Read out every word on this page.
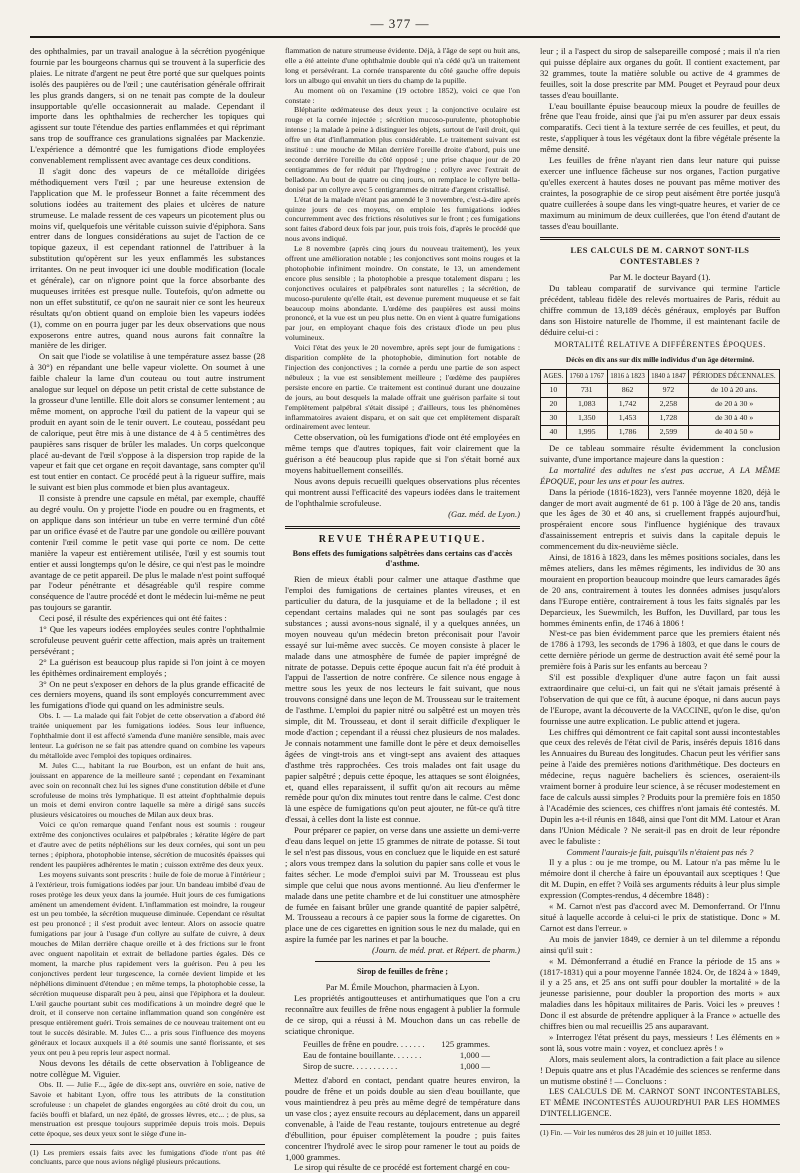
— 377 —

des ophthalmies, par un travail analogue à la sécrétion pyogénique fournie par les bourgeons charnus qui se trouvent à la superficie des plaies. Le nitrate d'argent ne peut être porté que sur quelques points isolés des paupières ou de l'œil ; une cautérisation générale offrirait les plus grands dangers, si on ne tenait pas compte de la douleur insupportable qu'elle occasionnerait au malade. Cependant il importe dans les ophthalmies de rechercher les topiques qui agissent sur toute l'étendue des parties enflammées et qui réprimant sans trop de souffrance ces granulations signalées par Mackenzie. L'expérience a démontré que les fumigations d'iode employées convenablement remplissent avec avantage ces deux conditions.

Il s'agit donc des vapeurs de ce métalloïde dirigées méthodiquement vers l'œil ; par une heureuse extension de l'application que M. le professeur Bonnet a faite récemment des solutions iodées au traitement des plaies et ulcères de nature strumeuse. Le malade ressent de ces vapeurs un picotement plus ou moins vif, quelquefois une véritable cuisson suivie d'épiphora. Sans entrer dans de longues considérations au sujet de l'action de ce topique gazeux, il est cependant rationnel de l'attribuer à la substitution qu'opèrent sur les yeux enflammés les substances irritantes. On ne peut invoquer ici une double modification (locale et générale), car on n'ignore point que la force absorbante des muqueuses irritées est presque nulle. Toutefois, qu'on admette ou non un effet substitutif, ce qu'on ne saurait nier ce sont les heureux résultats qu'on obtient quand on emploie bien les vapeurs iodées (1), comme on en pourra juger par les deux observations que nous exposerons entre autres, quand nous aurons fait connaître la manière de les diriger.

On sait que l'iode se volatilise à une température assez basse (28 à 30°) en répandant une belle vapeur violette. On soumet à une faible chaleur la lame d'un couteau ou tout autre instrument analogue sur lequel on dépose un petit cristal de cette substance de la grosseur d'une lentille. Elle doit alors se consumer lentement ; au même moment, on approche l'œil du patient de la vapeur qui se produit en ayant soin de le tenir ouvert. Le couteau, possédant peu de calorique, peut être mis à une distance de 4 à 5 centimètres des paupières sans risquer de brûler les malades. Un corps quelconque placé au-devant de l'œil s'oppose à la dispersion trop rapide de la vapeur et fait que cet organe en reçoit davantage, sans compter qu'il est tout entier en contact. Ce procédé peut à la rigueur suffire, mais le suivant est bien plus commode et bien plus avantageux.

Il consiste à prendre une capsule en métal, par exemple, chauffé au degré voulu. On y projette l'iode en poudre ou en fragments, et on applique dans son intérieur un tube en verre terminé d'un côté par un orifice évasé et de l'autre par une gondole ou œillère pouvant contenir l'œil comme le petit vase qui porte ce nom. De cette manière la vapeur est entièrement utilisée, l'œil y est soumis tout entier et aussi longtemps qu'on le désire, ce qui n'est pas le moindre avantage de ce petit appareil. De plus le malade n'est point suffoqué par l'odeur pénétrante et désagréable qu'il respire comme conséquence de l'autre procédé et dont le médecin lui-même ne peut pas toujours se garantir.

Ceci posé, il résulte des expériences qui ont été faites :

1° Que les vapeurs iodées employées seules contre l'ophthalmie scrofuleuse peuvent guérir cette affection, mais après un traitement persévérant ;

2° La guérison est beaucoup plus rapide si l'on joint à ce moyen les épithèmes ordinairement employés ;

3° On ne peut s'exposer en dehors de la plus grande efficacité de ces derniers moyens, quand ils sont employés concurremment avec les fumigations d'iode qui quand on les administre seuls.

Obs. I. — La malade qui fait l'objet de cette observation a d'abord été traitée uniquement par les fumigations iodées. Sous leur influence, l'ophthalmie dont il est affecté s'amenda d'une manière sensible, mais avec lenteur. La guérison ne se fait pas attendre quand on combine les vapeurs du métalloïde avec l'emploi des topiques ordinaires.

M. Jules C..., habitant la rue Bourbon, est un enfant de huit ans, jouissant en apparence de la meilleure santé ; cependant en l'examinant avec soin on reconnaît chez lui les signes d'une constitution débile et d'une scrofuleuse de moins très lymphatique. Il est atteint d'ophthalmie depuis un mois et demi environ contre laquelle sa mère a dirigé sans succès plusieurs vésicatoires ou mouches de Milan aux deux bras.

Voici ce qu'on remarque quand l'enfant nous est soumis : rougeur extrême des conjonctives oculaires et palpébrales ; kératite légère de part et d'autre avec de petits néphélions sur les deux cornées, qui sont un peu ternes ; épiphora, photophobie intense, sécrétion de mucosités épaisses qui rendent les paupières adhérentes le matin ; cuisson extrême des deux yeux.

Les moyens suivants sont prescrits : huile de foie de morue à l'intérieur ; à l'extérieur, trois fumigations iodées par jour. Un bandeau imbibé d'eau de roses protège les deux yeux dans la journée. Huit jours de ces fumigations amènent un amendement évident. L'inflammation est moindre, la rougeur est un peu tombée, la sécrétion muqueuse diminuée. Cependant ce résultat est peu prononcé ; il s'est produit avec lenteur. Alors on associe quatre fumigations par jour à l'usage d'un collyre au sulfate de cuivre, à deux mouches de Milan derrière chaque oreille et à des frictions sur le front avec onguent napolitain et extrait de belladone parties égales. Dès ce moment, la marche plus rapidement vers la guérison. Peu à peu les conjonctives perdent leur turgescence, la cornée devient limpide et les néphélions diminuent d'étendue ; en même temps, la photophobie cesse, la sécrétion muqueuse disparaît peu à peu, ainsi que l'épiphora et la douleur. L'œil gauche pourtant subit ces modifications à un moindre degré que le droit, et il conserve non certaine inflammation quand son congénère est presque entièrement guéri. Trois semaines de ce nouveau traitement ont eu tout le succès désirable. M. Jules C... a pris sous l'influence des moyens généraux et locaux auxquels il a été soumis une santé florissante, et ses yeux ont peu à peu repris leur aspect normal.

Nous devons les détails de cette observation à l'obligeance de notre collègue M. Viguier.

Obs. II. — Julie F..., âgée de dix-sept ans, ouvrière en soie, native de Savoie et habitant Lyon, offre tous les attributs de la constitution scrofuleuse : un chapelet de glandes engorgées au côté droit du cou, un faciès bouffi et blafard, un nez épâté, de grosses lèvres, etc... ; de plus, sa menstruation est presque toujours supprimée depuis trois mois. Depuis cette époque, ses deux yeux sont le siège d'une in-

(1) Les premiers essais faits avec les fumigations d'iode n'ont pas été concluants, parce que nous avions négligé plusieurs précautions.

flammation de nature strumeuse évidente. Déjà, à l'âge de sept ou huit ans, elle a été atteinte d'une ophthalmie double qui n'a cédé qu'à un traitement long et persévérant. La cornée transparente du côté gauche offre depuis lors un albugo qui envahit un tiers du champ de la pupille.

Au moment où on l'examine (19 octobre 1852), voici ce que l'on constate :

Blépharite œdémateuse des deux yeux ; la conjonctive oculaire est rouge et la cornée injectée ; sécrétion mucoso-purulente, photophobie intense ; la malade à peine à distinguer les objets, surtout de l'œil droit, qui offre un état d'inflammation plus considérable. Le traitement suivant est institué : une mouche de Milan derrière l'oreille droite d'abord, puis une seconde derrière l'oreille du côté opposé ; une prise chaque jour de 20 centigrammes de fer réduit par l'hydrogène ; collyre avec l'extrait de belladone. Au bout de quatre ou cinq jours, on remplace le collyre bella-donisé par un collyre avec 5 centigrammes de nitrate d'argent cristallisé.

L'état de la malade n'étant pas amendé le 3 novembre, c'est-à-dire après quinze jours de ces moyens, on emploie les fumigations iodées concurremment avec des frictions résolutives sur le front ; ces fumigations sont faites d'abord deux fois par jour, puis trois fois, d'après le procédé que nous avons indiqué.

Le 8 novembre (après cinq jours du nouveau traitement), les yeux offrent une amélioration notable ; les conjonctives sont moins rouges et la photophobie infiniment moindre. On constate, le 13, un amendement encore plus sensible ; la photophobie a presque totalement disparu ; les conjonctives oculaires et palpébrales sont naturelles ; la sécrétion, de mucoso-purulente qu'elle était, est devenue purement muqueuse et se fait beaucoup moins abondante. L'œdème des paupières est aussi moins prononcé, et la vue est un peu plus nette. On en vient à quatre fumigations par jour, en employant chaque fois des cristaux d'iode un peu plus volumineux.

Voici l'état des yeux le 20 novembre, après sept jour de fumigations : disparition complète de la photophobie, diminution fort notable de l'injection des conjonctives ; la cornée a perdu une partie de son aspect nébuleux ; la vue est sensiblement meilleure ; l'œdème des paupières persiste encore en partie. Ce traitement est continué durant une douzaine de jours, au bout desquels la malade offrait une guérison parfaite si tout l'emplètement palpébral s'était dissipé ; d'ailleurs, tous les phénomènes inflammatoires avaient disparu, et on sait que cet emplètement disparaît ordinairement avec lenteur.

Cette observation, où les fumigations d'iode ont été employées en même temps que d'autres topiques, fait voir clairement que la guérison a été beaucoup plus rapide que si l'on s'était borné aux moyens habituellement conseillés.

Nous avons depuis recueilli quelques observations plus récentes qui montrent aussi l'efficacité des vapeurs iodées dans le traitement de l'ophthalmie scrofuleuse.

(Gaz. méd. de Lyon.)

REVUE THÉRAPEUTIQUE.
Bons effets des fumigations salpêtrées dans certains cas d'accès d'asthme.

Rien de mieux établi pour calmer une attaque d'asthme que l'emploi des fumigations de certaines plantes vireuses, et en particulier du datura, de la jusquiame et de la belladone ; il est cependant certains malades qui ne sont pas soulagés par ces substances ; aussi avons-nous signalé, il y a quelques années, un moyen nouveau qu'un médecin breton préconisait pour l'avoir essayé sur lui-même avec succès. Ce moyen consiste à placer le malade dans une atmosphère de fumée de papier imprégné de nitrate de potasse. Depuis cette époque aucun fait n'a été produit à l'appui de l'assertion de notre confrère. Ce silence nous engage à mettre sous les yeux de nos lecteurs le fait suivant, que nous trouvons consigné dans une leçon de M. Trousseau sur le traitement de l'asthme. L'emploi du papier nitré ou salpêtré est un moyen très simple, dit M. Trousseau, et dont il serait difficile d'expliquer le mode d'action ; cependant il a réussi chez plusieurs de nos malades. Je connais notamment une famille dont le père et deux demoiselles âgées de vingt-trois ans et vingt-sept ans avaient des attaques d'asthme très rapprochées. Ces trois malades ont fait usage du papier salpêtré ; depuis cette époque, les attaques se sont éloignées, et, quand elles reparaissent, il suffit qu'on ait recours au même remède pour qu'on dix minutes tout rentre dans le calme. C'est donc là une espèce de fumigations qu'on peut ajouter, ne fût-ce qu'à titre d'essai, à celles dont la liste est connue.

Pour préparer ce papier, on verse dans une assiette un demi-verre d'eau dans lequel on jette 15 grammes de nitrate de potasse. Si tout le sel n'est pas dissous, vous en concluez que le liquide en est saturé ; alors vous trempez dans la solution du papier sans colle et vous le faites sécher. Le mode d'emploi suivi par M. Trousseau est plus simple que celui que nous avons mentionné. Au lieu d'enfermer le malade dans une petite chambre et de lui constituer une atmosphère de fumée en faisant brûler une grande quantité de papier salpêtré, M. Trousseau a recours à ce papier sous la forme de cigarettes. On place une de ces cigarettes en ignition sous le nez du malade, qui en aspire la fumée par les narines et par la bouche.

(Journ. de méd. prat. et Répert. de pharm.)

Sirop de feuilles de frêne ;

Par M. Émile Mouchon, pharmacien à Lyon.

Les propriétés antigoutteuses et antirhumatiques que l'on a cru reconnaître aux feuilles de frêne nous engagent à publier la formule de ce sirop, qui a réussi à M. Mouchon dans un cas rebelle de sciatique chronique.

Feuilles de frêne en poudre. . . . . . . 125 grammes.
Eau de fontaine bouillante. . . . . . .	1,000 —
Sirop de sucre. . . . . . . . . . .	1,000 —

Mettez d'abord en contact, pendant quatre heures environ, la poudre de frêne et un poids double au sien d'eau bouillante, que vous maintiendrez à peu près au même degré de température dans un vase clos ; ayez ensuite recours au déplacement, dans un appareil convenable, à l'aide de l'eau restante, toujours entretenue au degré d'ébullition, pour épuiser complètement la poudre ; puis faites concentrer l'hydrolé avec le sirop pour ramener le tout au poids de 1,000 grammes.

Le sirop qui résulte de ce procédé est fortement chargé en cou-

leur ; il a l'aspect du sirop de salsepareille composé ; mais il n'a rien qui puisse déplaire aux organes du goût. Il contient exactement, par 32 grammes, toute la matière soluble ou active de 4 grammes de feuilles, soit la dose prescrite par MM. Pouget et Peyraud pour deux tasses d'eau bouillante.

L'eau bouillante épuise beaucoup mieux la poudre de feuilles de frêne que l'eau froide, ainsi que j'ai pu m'en assurer par deux essais comparatifs. Ceci tient à la texture serrée de ces feuilles, et peut, du reste, s'appliquer à tous les végétaux dont la fibre végétale présente la même densité.

Les feuilles de frêne n'ayant rien dans leur nature qui puisse exercer une influence fâcheuse sur nos organes, l'action purgative qu'elles exercent à hautes doses ne pouvant pas même motiver des craintes, la posographie de ce sirop peut aisément être portée jusqu'à quatre cuillerées à soupe dans les vingt-quatre heures, et varier de ce maximum au minimum de deux cuillerées, que l'on étend d'autant de tasses d'eau bouillante.

LES CALCULS DE M. CARNOT SONT-ILS CONTESTABLES ?

Par M. le docteur Bayard (1).

Du tableau comparatif de survivance qui termine l'article précédent, tableau fidèle des relevés mortuaires de Paris, réduit au chiffre commun de 13,189 décès généraux, employés par Buffon dans son Histoire naturelle de l'homme, il est maintenant facile de déduire celui-ci :

MORTALITÉ RELATIVE A DIFFÉRENTES ÉPOQUES.
Décès en dix ans sur dix mille individus d'un âge déterminé.
AGES.	1760 à 1767	1816 à 1823	1840 à 1847	PÉRIODES DÉCENNALES.
10	731	862	972	de 10 à 20 ans.
20	1,083	1,742	2,258	de 20 à 30 »
30	1,350	1,453	1,728	de 30 à 40 »
40	1,995	1,786	2,599	de 40 à 50 »

De ce tableau sommaire résulte évidemment la conclusion suivante, d'une importance majeure dans la question :

La mortalité des adultes ne s'est pas accrue, A LA MÊME ÉPOQUE, pour les uns et pour les autres.

Dans la période (1816-1823), vers l'année moyenne 1820, déjà le danger de mort avait augmenté de 61 p. 100 à l'âge de 20 ans, tandis que les âges de 30 et 40 ans, si cruellement frappés aujourd'hui, prospéraient encore sous l'influence hygiénique des travaux d'assainissement entrepris et suivis dans la capitale depuis le commencement du dix-neuvième siècle.

Ainsi, de 1816 à 1823, dans les mêmes positions sociales, dans les mêmes ateliers, dans les mêmes régiments, les individus de 30 ans mouraient en proportion beaucoup moindre que leurs camarades âgés de 20 ans, contrairement à toutes les données admises jusqu'alors dans l'Europe entière, contrairement à tous les faits signalés par les Deparcieux, les Suewmilch, les Buffon, les Duvillard, par tous les hommes éminents enfin, de 1746 à 1806 !

N'est-ce pas bien évidemment parce que les premiers étaient nés de 1786 à 1793, les seconds de 1796 à 1803, et que dans le cours de cette dernière période un germe de destruction avait été semé pour la première fois à Paris sur les enfants au berceau ?

S'il est possible d'expliquer d'une autre façon un fait aussi extraordinaire que celui-ci, un fait qui ne s'était jamais présenté à l'observation de qui que ce fût, à aucune époque, ni dans aucun pays de l'Europe, avant la découverte de la VACCINE, qu'on le dise, qu'on fournisse une autre explication. Le public attend et jugera.

Les chiffres qui démontrent ce fait capital sont aussi incontestables que ceux des relevés de l'état civil de Paris, insérés depuis 1816 dans les Annuaires du Bureau des longitudes. Chacun peut les vérifier sans peine à l'aide des premières notions d'arithmétique. Des docteurs en médecine, reçus naguère bacheliers ès sciences, oseraient-ils vraiment borner à produire leur science, à se récuser modestement en face de calculs aussi simples ? Produits pour la première fois en 1850 à l'Académie des sciences, ces chiffres n'ont jamais été contestés. M. Dupin les a-t-il réunis en 1848, ainsi que l'ont dit MM. Latour et Aran dans l'Union Médicale ? Ne serait-il pas en droit de leur répondre avec le fabuliste :

Comment l'aurais-je fait, puisqu'ils n'étaient pas nés ?

Il y a plus : ou je me trompe, ou M. Latour n'a pas même lu le mémoire dont il cherche à faire un épouvantail aux sceptiques ! Que dit M. Dupin, en effet ? Voilà ses arguments réduits à leur plus simple expression (Comptes-rendus, 4 décembre 1848) :

« M. Carnot n'est pas d'accord avec M. Demonferrand. Or l'Innu situé à laquelle accorde à celui-ci le prix de statistique. Donc » M. Carnot est dans l'erreur. »

Au mois de janvier 1849, ce dernier à un tel dilemme a répondu ainsi qu'il suit :

« M. Démonferrand a étudié en France la période de 15 ans » (1817-1831) qui a pour moyenne l'année 1824. Or, de 1824 à » 1849, il y a 25 ans, et 25 ans ont suffi pour doubler la mortalité » de la jeunesse parisienne, pour doubler la proportion des morts » aux maladies dans les hôpitaux militaires de Paris. Voici les » preuves ! Donc il est absurde de prétendre appliquer à la France » actuelle des chiffres bien ou mal recueillis 25 ans auparavant.

» Interrogez l'état présent du pays, messieurs ! Les éléments en » sont là, sous votre main : voyez, et concluez après ! »

Alors, mais seulement alors, la contradiction a fait place au silence ! Depuis quatre ans et plus l'Académie des sciences se renferme dans un mutisme obstiné ! — Concluons :

LES CALCULS DE M. CARNOT SONT INCONTESTABLES, ET MÊME INCONTESTÉS AUJOURD'HUI PAR LES HOMMES D'INTELLIGENCE.

(1) Fin. — Voir les numéros des 28 juin et 10 juillet 1853.
